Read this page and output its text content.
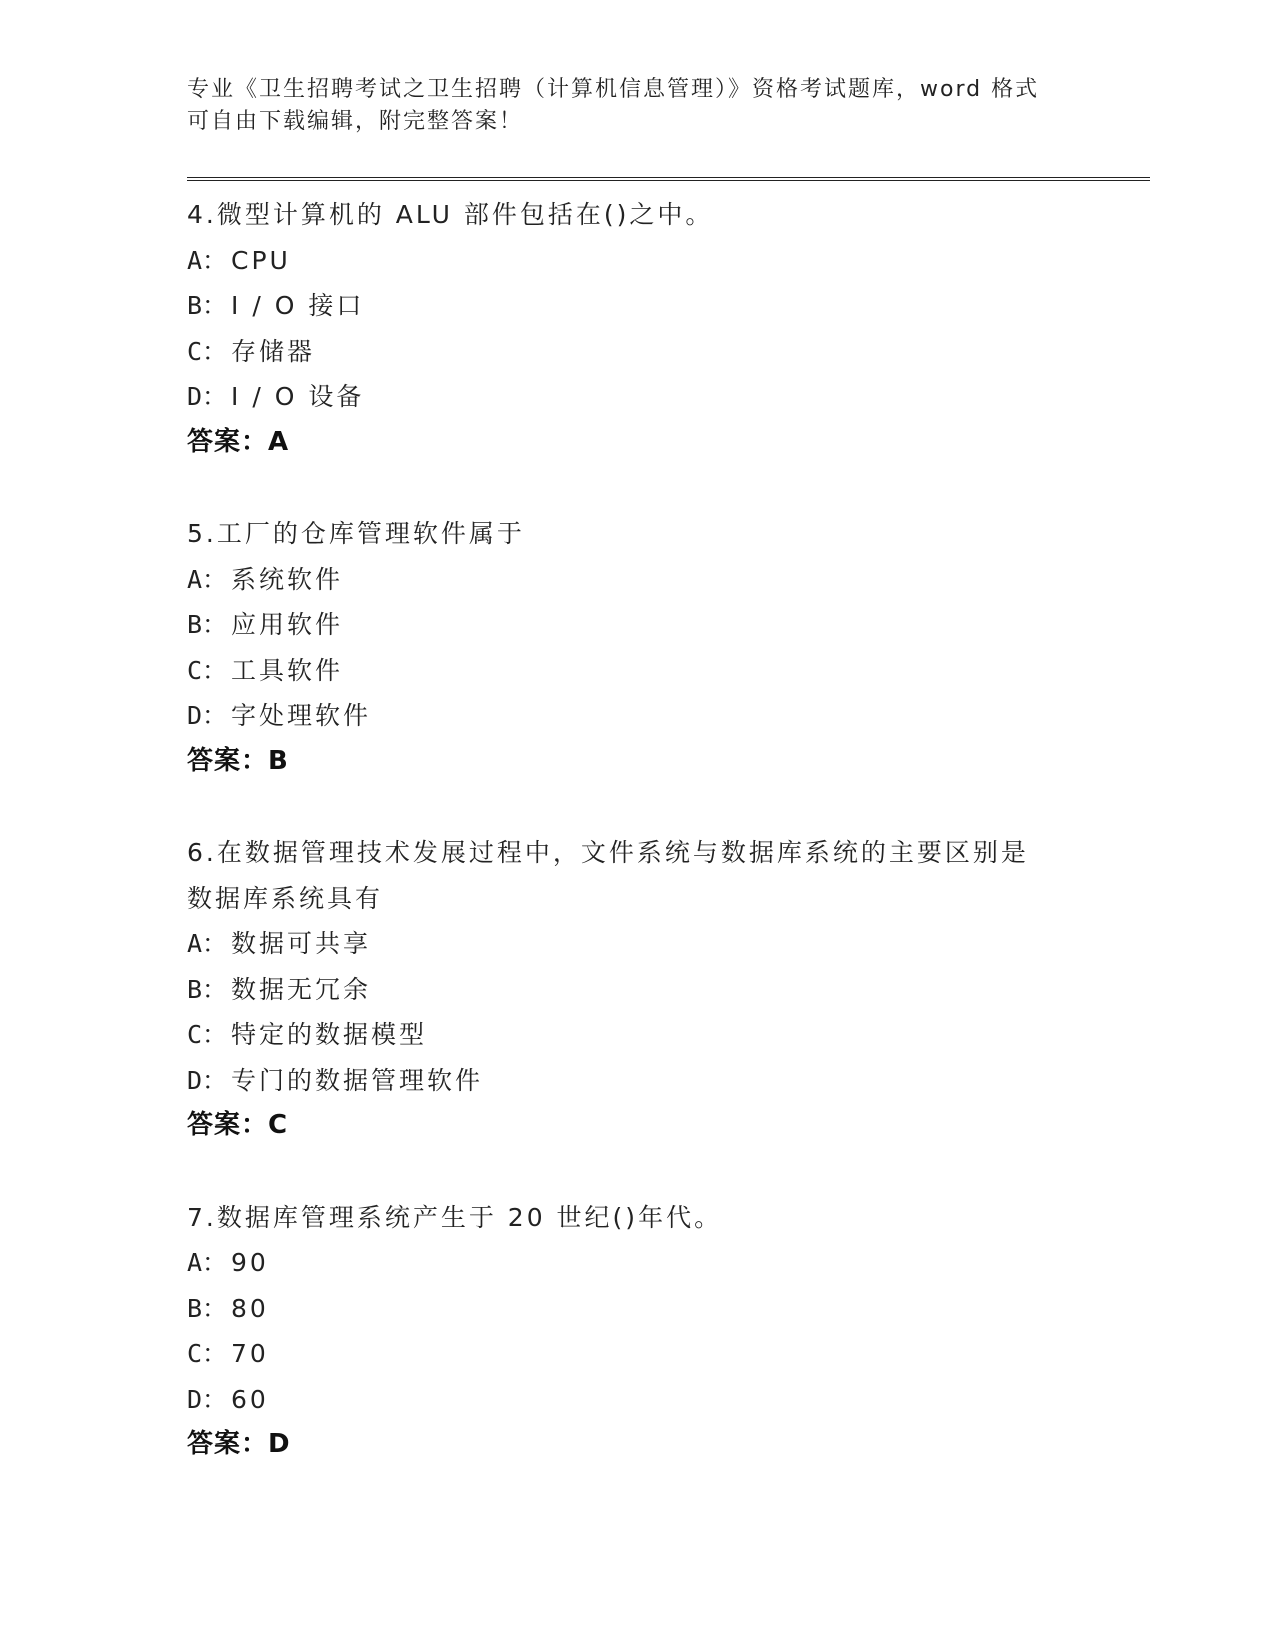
专业《卫生招聘考试之卫生招聘（计算机信息管理）》资格考试题库，word 格式
可自由下载编辑，附完整答案！
4.微型计算机的 ALU 部件包括在()之中。
A： CPU
B： I / O 接口
C： 存储器
D： I / O 设备
答案：A
5.工厂的仓库管理软件属于
A： 系统软件
B： 应用软件
C： 工具软件
D： 字处理软件
答案：B
6.在数据管理技术发展过程中，文件系统与数据库系统的主要区别是
数据库系统具有
A： 数据可共享
B： 数据无冗余
C： 特定的数据模型
D： 专门的数据管理软件
答案：C
7.数据库管理系统产生于 20 世纪()年代。
A： 90
B： 80
C： 70
D： 60
答案：D
